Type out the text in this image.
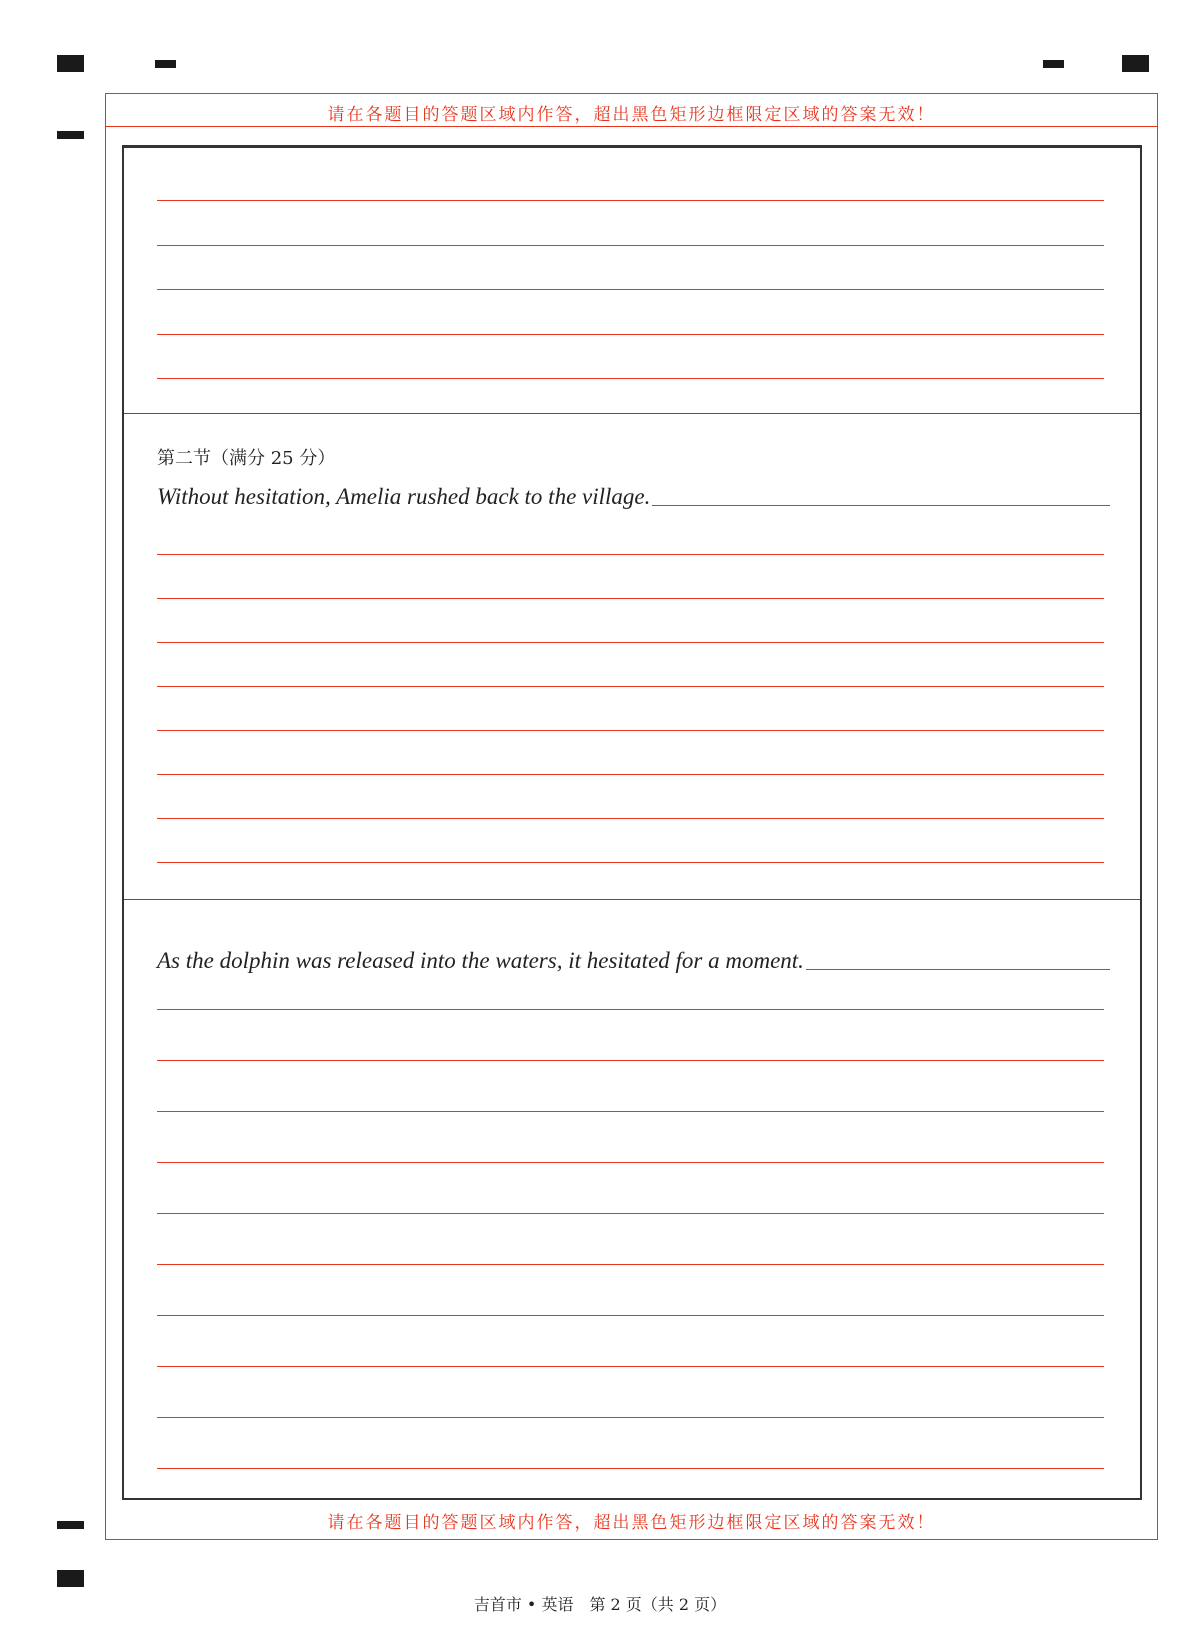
请在各题目的答题区域内作答，超出黑色矩形边框限定区域的答案无效！
请在各题目的答题区域内作答，超出黑色矩形边框限定区域的答案无效！
第二节（满分 25 分）
Without hesitation, Amelia rushed back to the village.
As the dolphin was released into the waters, it hesitated for a moment.
吉首市 • 英语　第 2 页（共 2 页）
